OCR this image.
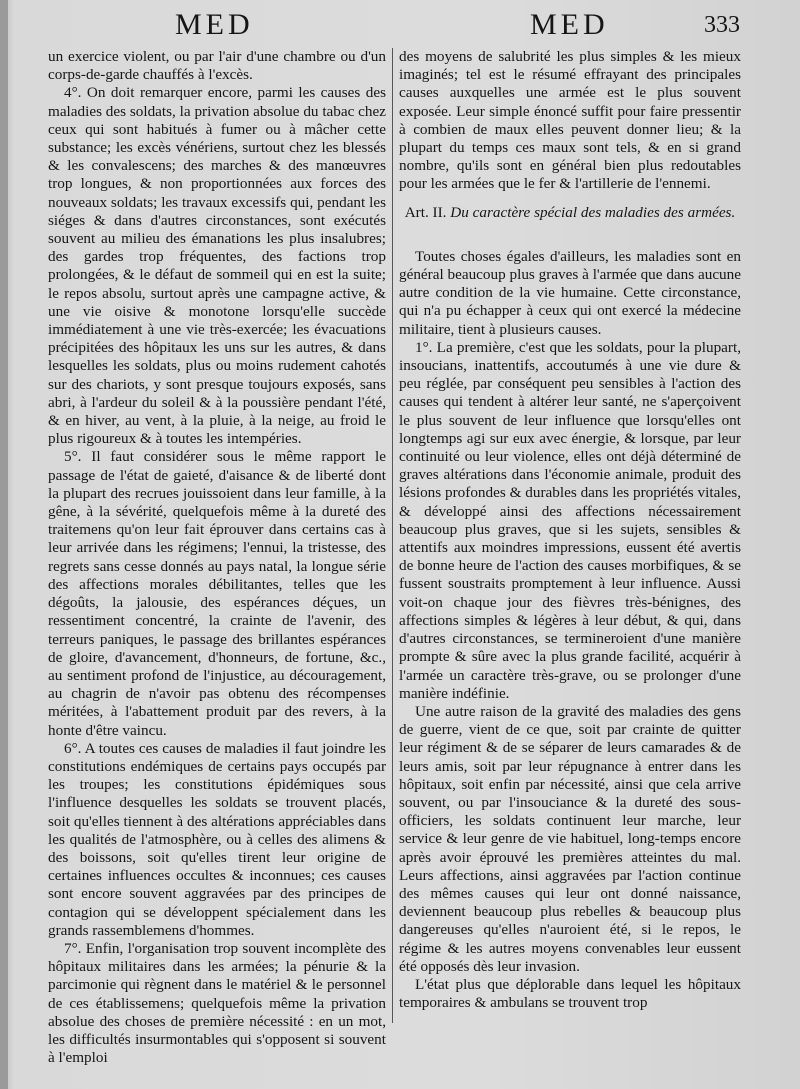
MED	MED	333

un exercice violent, ou par l'air d'une chambre ou d'un corps-de-garde chauffés à l'excès.

4°. On doit remarquer encore, parmi les causes des maladies des soldats, la privation absolue du tabac chez ceux qui sont habitués à fumer ou à mâcher cette substance; les excès vénériens, surtout chez les blessés & les convalescens; des marches & des manœuvres trop longues, & non proportionnées aux forces des nouveaux soldats; les travaux excessifs qui, pendant les siéges & dans d'autres circonstances, sont exécutés souvent au milieu des émanations les plus insalubres; des gardes trop fréquentes, des factions trop prolongées, & le défaut de sommeil qui en est la suite; le repos absolu, surtout après une campagne active, & une vie oisive & monotone lorsqu'elle succède immédiatement à une vie très-exercée; les évacuations précipitées des hôpitaux les uns sur les autres, & dans lesquelles les soldats, plus ou moins rudement cahotés sur des chariots, y sont presque toujours exposés, sans abri, à l'ardeur du soleil & à la poussière pendant l'été, & en hiver, au vent, à la pluie, à la neige, au froid le plus rigoureux & à toutes les intempéries.

5°. Il faut considérer sous le même rapport le passage de l'état de gaieté, d'aisance & de liberté dont la plupart des recrues jouissoient dans leur famille, à la gêne, à la sévérité, quelquefois même à la dureté des traitemens qu'on leur fait éprouver dans certains cas à leur arrivée dans les régimens; l'ennui, la tristesse, des regrets sans cesse donnés au pays natal, la longue série des affections morales débilitantes, telles que les dégoûts, la jalousie, des espérances déçues, un ressentiment concentré, la crainte de l'avenir, des terreurs paniques, le passage des brillantes espérances de gloire, d'avancement, d'honneurs, de fortune, &c., au sentiment profond de l'injustice, au découragement, au chagrin de n'avoir pas obtenu des récompenses méritées, à l'abattement produit par des revers, à la honte d'être vaincu.

6°. A toutes ces causes de maladies il faut joindre les constitutions endémiques de certains pays occupés par les troupes; les constitutions épidémiques sous l'influence desquelles les soldats se trouvent placés, soit qu'elles tiennent à des altérations appréciables dans les qualités de l'atmosphère, ou à celles des alimens & des boissons, soit qu'elles tirent leur origine de certaines influences occultes & inconnues; ces causes sont encore souvent aggravées par des principes de contagion qui se développent spécialement dans les grands rassemblemens d'hommes.

7°. Enfin, l'organisation trop souvent incomplète des hôpitaux militaires dans les armées; la pénurie & la parcimonie qui règnent dans le matériel & le personnel de ces établissemens; quelquefois même la privation absolue des choses de première nécessité : en un mot, les difficultés insurmontables qui s'opposent si souvent à l'emploi

des moyens de salubrité les plus simples & les mieux imaginés; tel est le résumé effrayant des principales causes auxquelles une armée est le plus souvent exposée. Leur simple énoncé suffit pour faire pressentir à combien de maux elles peuvent donner lieu; & la plupart du temps ces maux sont tels, & en si grand nombre, qu'ils sont en général bien plus redoutables pour les armées que le fer & l'artillerie de l'ennemi.

Art. II. Du caractère spécial des maladies des armées.

Toutes choses égales d'ailleurs, les maladies sont en général beaucoup plus graves à l'armée que dans aucune autre condition de la vie humaine. Cette circonstance, qui n'a pu échapper à ceux qui ont exercé la médecine militaire, tient à plusieurs causes.

1°. La première, c'est que les soldats, pour la plupart, insoucians, inattentifs, accoutumés à une vie dure & peu réglée, par conséquent peu sensibles à l'action des causes qui tendent à altérer leur santé, ne s'aperçoivent le plus souvent de leur influence que lorsqu'elles ont longtemps agi sur eux avec énergie, & lorsque, par leur continuité ou leur violence, elles ont déjà déterminé de graves altérations dans l'économie animale, produit des lésions profondes & durables dans les propriétés vitales, & développé ainsi des affections nécessairement beaucoup plus graves, que si les sujets, sensibles & attentifs aux moindres impressions, eussent été avertis de bonne heure de l'action des causes morbifiques, & se fussent soustraits promptement à leur influence. Aussi voit-on chaque jour des fièvres très-bénignes, des affections simples & légères à leur début, & qui, dans d'autres circonstances, se termineroient d'une manière prompte & sûre avec la plus grande facilité, acquérir à l'armée un caractère très-grave, ou se prolonger d'une manière indéfinie.

Une autre raison de la gravité des maladies des gens de guerre, vient de ce que, soit par crainte de quitter leur régiment & de se séparer de leurs camarades & de leurs amis, soit par leur répugnance à entrer dans les hôpitaux, soit enfin par nécessité, ainsi que cela arrive souvent, ou par l'insouciance & la dureté des sous-officiers, les soldats continuent leur marche, leur service & leur genre de vie habituel, long-temps encore après avoir éprouvé les premières atteintes du mal. Leurs affections, ainsi aggravées par l'action continue des mêmes causes qui leur ont donné naissance, deviennent beaucoup plus rebelles & beaucoup plus dangereuses qu'elles n'auroient été, si le repos, le régime & les autres moyens convenables leur eussent été opposés dès leur invasion.

L'état plus que déplorable dans lequel les hôpitaux temporaires & ambulans se trouvent trop
